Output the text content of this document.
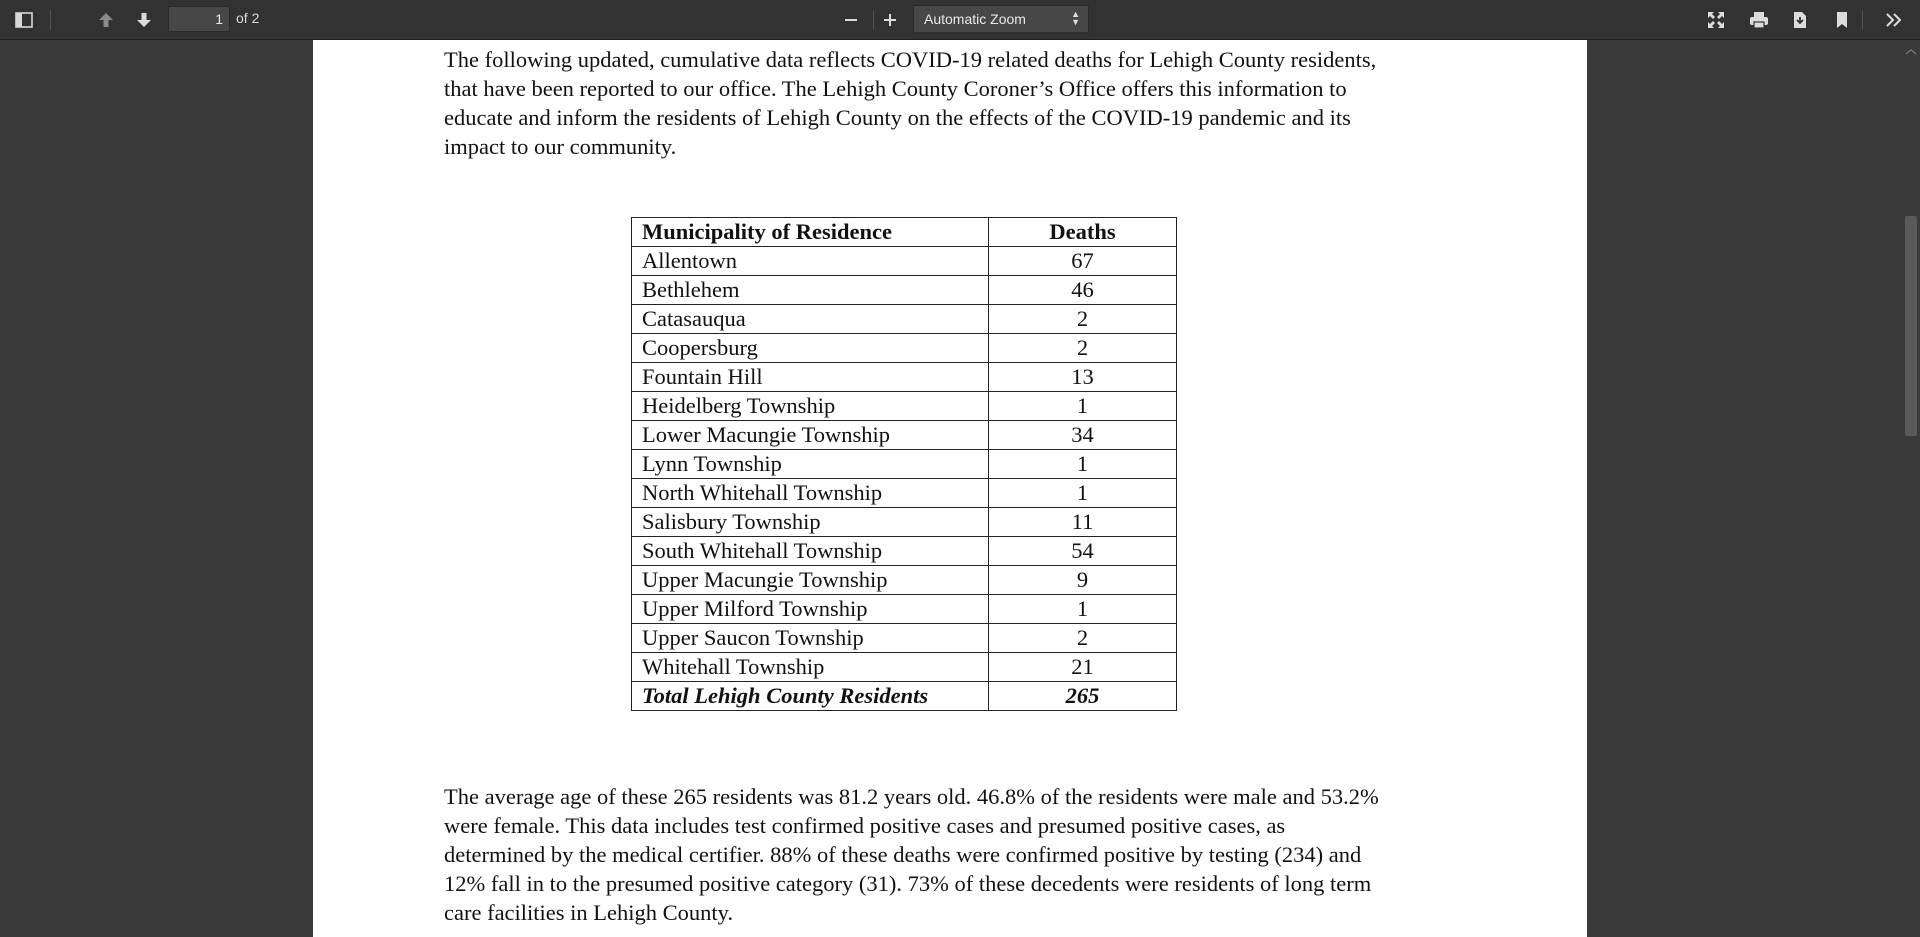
1 of 2	Automatic Zoom	▲
▼
The following updated, cumulative data reflects COVID-19 related deaths for Lehigh County residents,
that have been reported to our office. The Lehigh County Coroner’s Office offers this information to
educate and inform the residents of Lehigh County on the effects of the COVID-19 pandemic and its
impact to our community.
Municipality of Residence	Deaths
Allentown	67
Bethlehem	46
Catasauqua	2
Coopersburg	2
Fountain Hill	13
Heidelberg Township	1
Lower Macungie Township	34
Lynn Township	1
North Whitehall Township	1
Salisbury Township	11
South Whitehall Township	54
Upper Macungie Township	9
Upper Milford Township	1
Upper Saucon Township	2
Whitehall Township	21
Total Lehigh County Residents	265
The average age of these 265 residents was 81.2 years old. 46.8% of the residents were male and 53.2%
were female. This data includes test confirmed positive cases and presumed positive cases, as
determined by the medical certifier. 88% of these deaths were confirmed positive by testing (234) and
12% fall in to the presumed positive category (31). 73% of these decedents were residents of long term
care facilities in Lehigh County.
︿
